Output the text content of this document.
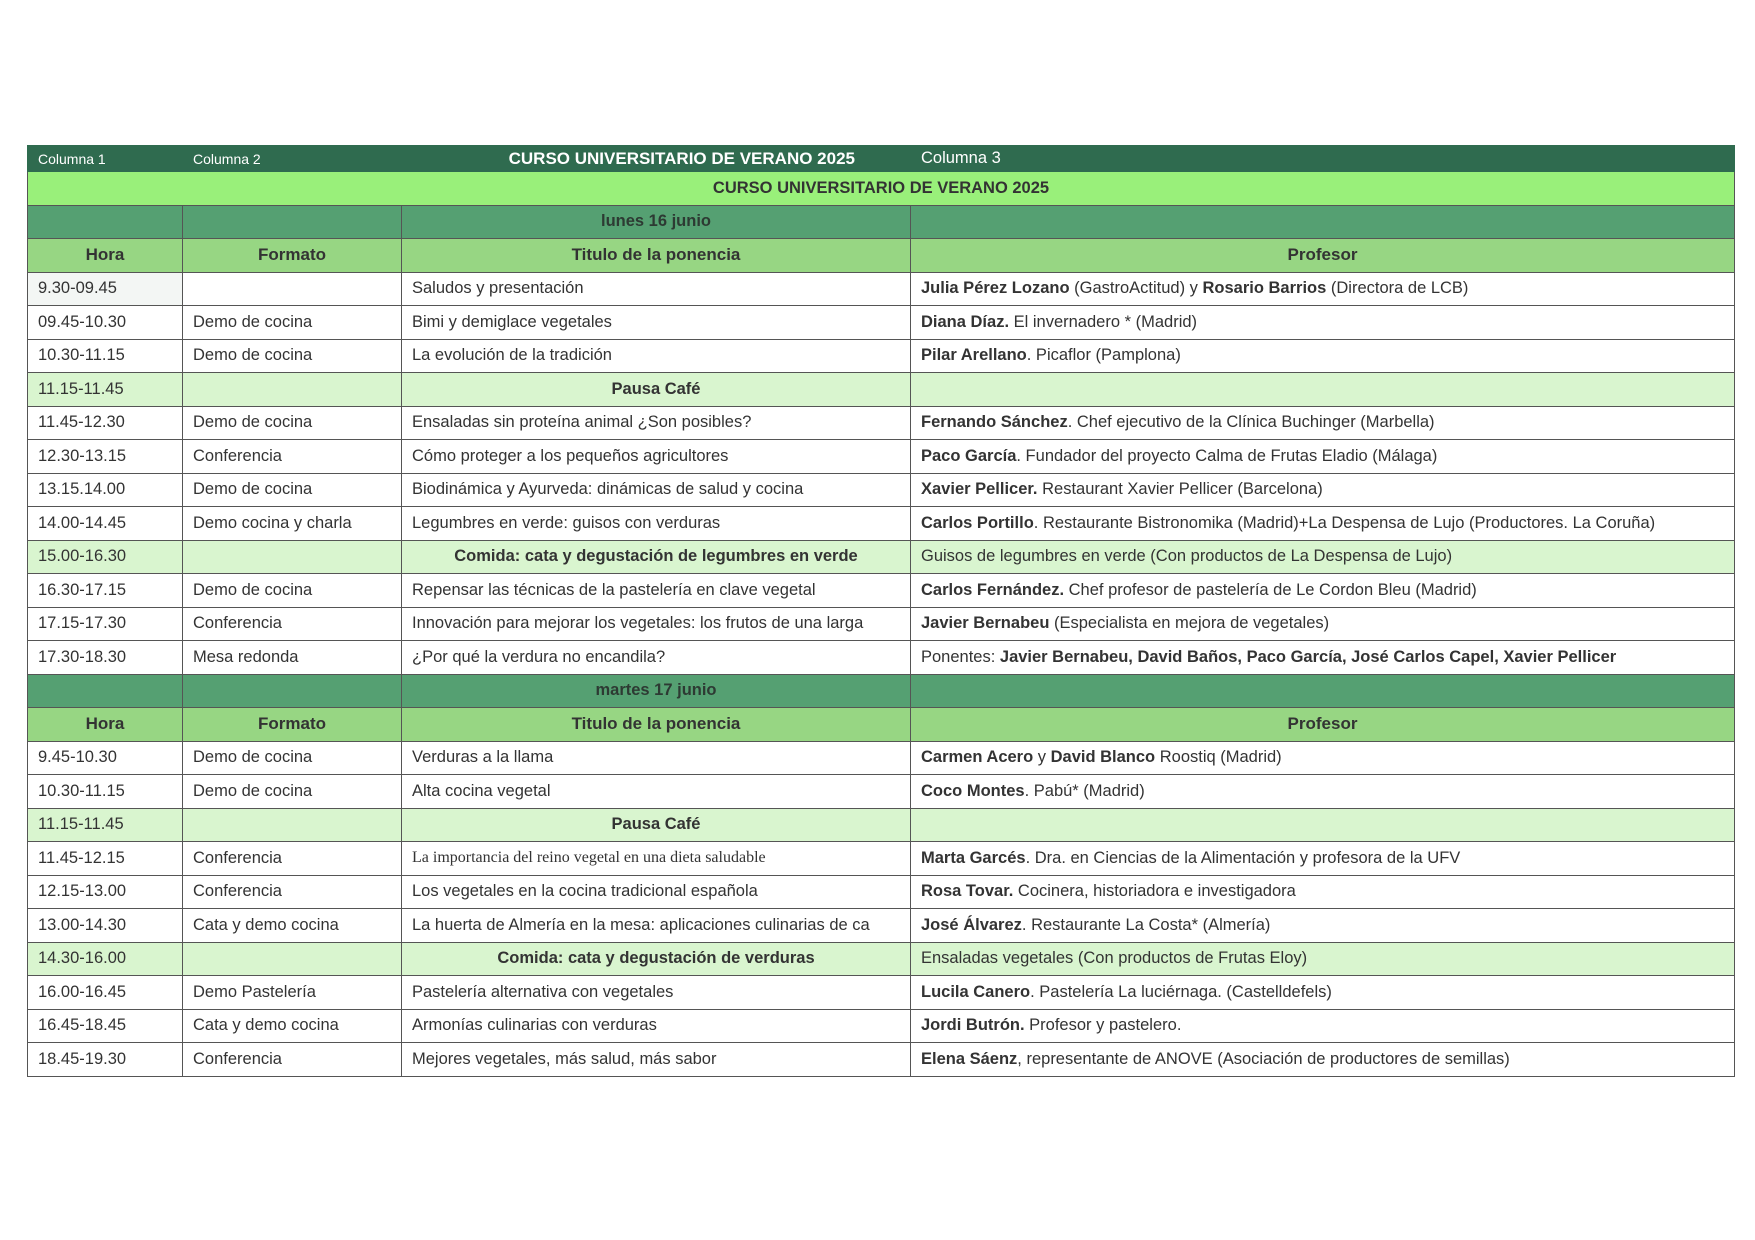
Columna 1	Columna 2	CURSO UNIVERSITARIO DE VERANO 2025	Columna 3
CURSO UNIVERSITARIO DE VERANO 2025			
		lunes 16 junio	
Hora	Formato	Titulo de la ponencia	Profesor
9.30-09.45		Saludos y presentación	Julia Pérez Lozano (GastroActitud) y Rosario Barrios (Directora de LCB)
09.45-10.30	Demo de cocina	Bimi y demiglace vegetales	Diana Díaz. El invernadero * (Madrid)
10.30-11.15	Demo de cocina	La evolución de la tradición	Pilar Arellano. Picaflor (Pamplona)
11.15-11.45		Pausa Café	
11.45-12.30	Demo de cocina	Ensaladas sin proteína animal ¿Son posibles?	Fernando Sánchez. Chef ejecutivo de la Clínica Buchinger (Marbella)
12.30-13.15	Conferencia	Cómo proteger a los pequeños agricultores	Paco García. Fundador del proyecto Calma de Frutas Eladio (Málaga)
13.15.14.00	Demo de cocina	Biodinámica y Ayurveda: dinámicas de salud y cocina	Xavier Pellicer. Restaurant Xavier Pellicer (Barcelona)
14.00-14.45	Demo cocina y charla	Legumbres en verde: guisos con verduras	Carlos Portillo. Restaurante Bistronomika (Madrid)+La Despensa de Lujo (Productores. La Coruña)
15.00-16.30		Comida: cata y degustación de legumbres en verde	Guisos de legumbres en verde (Con productos de La Despensa de Lujo)
16.30-17.15	Demo de cocina	Repensar las técnicas de la pastelería en clave vegetal	Carlos Fernández. Chef profesor de pastelería de Le Cordon Bleu (Madrid)
17.15-17.30	Conferencia	Innovación para mejorar los vegetales: los frutos de una larga	Javier Bernabeu (Especialista en mejora de vegetales)
17.30-18.30	Mesa redonda	¿Por qué la verdura no encandila?	Ponentes: Javier Bernabeu, David Baños, Paco García, José Carlos Capel, Xavier Pellicer
		martes 17 junio	
Hora	Formato	Titulo de la ponencia	Profesor
9.45-10.30	Demo de cocina	Verduras a la llama	Carmen Acero y David Blanco Roostiq (Madrid)
10.30-11.15	Demo de cocina	Alta cocina vegetal	Coco Montes. Pabú* (Madrid)
11.15-11.45		Pausa Café	
11.45-12.15	Conferencia	La importancia del reino vegetal en una dieta saludable	Marta Garcés. Dra. en Ciencias de la Alimentación y profesora de la UFV
12.15-13.00	Conferencia	Los vegetales en la cocina tradicional española	Rosa Tovar. Cocinera, historiadora e investigadora
13.00-14.30	Cata y demo cocina	La huerta de Almería en la mesa: aplicaciones culinarias de ca	José Álvarez. Restaurante La Costa* (Almería)
14.30-16.00		Comida: cata y degustación de verduras	Ensaladas vegetales (Con productos de Frutas Eloy)
16.00-16.45	Demo Pastelería	Pastelería alternativa con vegetales	Lucila Canero. Pastelería La luciérnaga. (Castelldefels)
16.45-18.45	Cata y demo cocina	Armonías culinarias con verduras	Jordi Butrón. Profesor y pastelero.
18.45-19.30	Conferencia	Mejores vegetales, más salud, más sabor	Elena Sáenz, representante de ANOVE (Asociación de productores de semillas)
